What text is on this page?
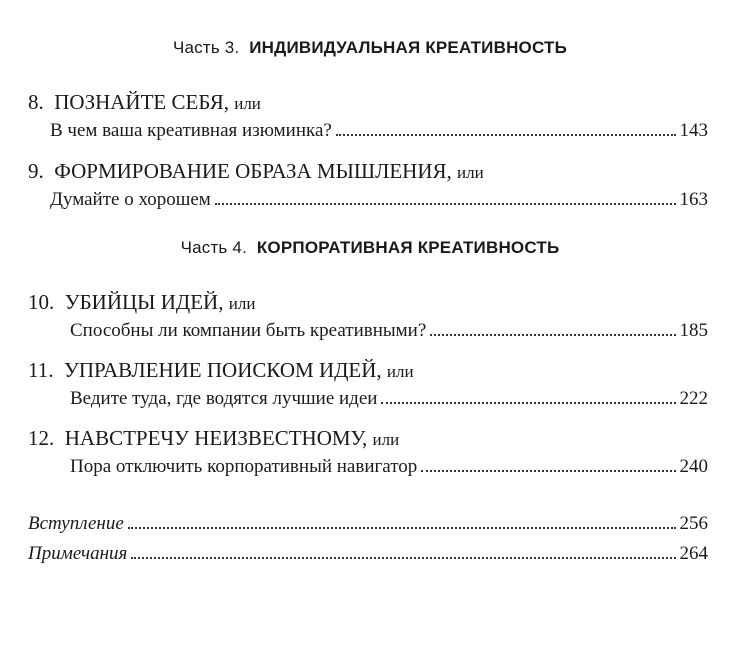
Часть 3. ИНДИВИДУАЛЬНАЯ КРЕАТИВНОСТЬ
8. ПОЗНАЙТЕ СЕБЯ, или
В чем ваша креативная изюминка?	143
9. ФОРМИРОВАНИЕ ОБРАЗА МЫШЛЕНИЯ, или
Думайте о хорошем	163
Часть 4. КОРПОРАТИВНАЯ КРЕАТИВНОСТЬ
10. УБИЙЦЫ ИДЕЙ, или
Способны ли компании быть креативными?	185
11. УПРАВЛЕНИЕ ПОИСКОМ ИДЕЙ, или
Ведите туда, где водятся лучшие идеи	222
12. НАВСТРЕЧУ НЕИЗВЕСТНОМУ, или
Пора отключить корпоративный навигатор	240
Вступление	256
Примечания	264
